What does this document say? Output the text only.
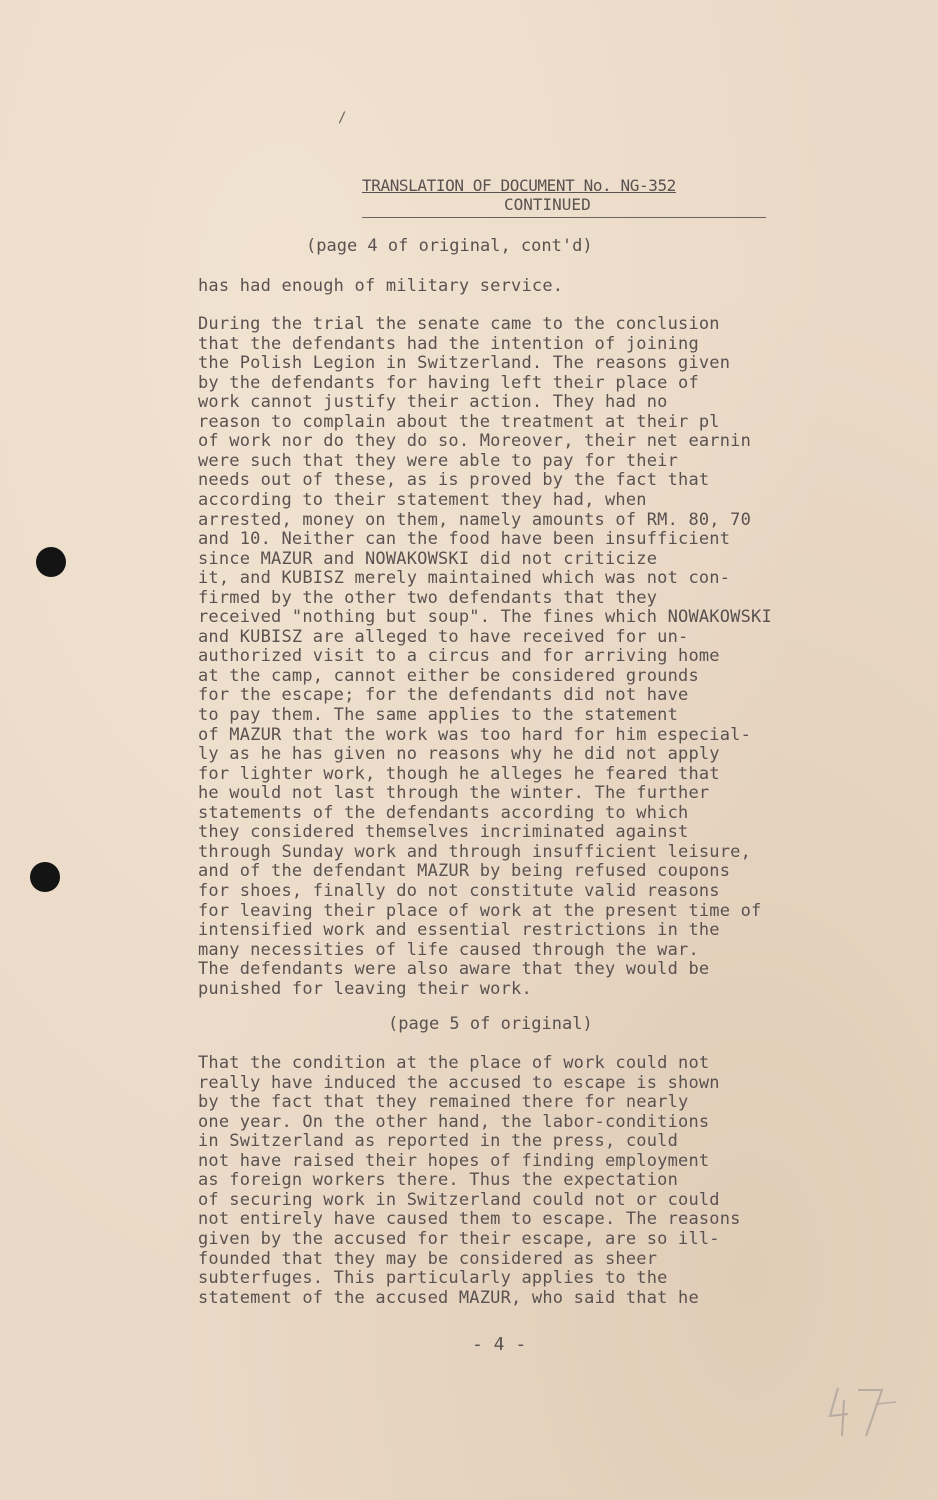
/
TRANSLATION OF DOCUMENT No. NG-352
CONTINUED
(page 4 of original, cont'd)
has had enough of military service.
During the trial the senate came to the conclusion
that the defendants had the intention of joining
the Polish Legion in Switzerland. The reasons given
by the defendants for having left their place of
work cannot justify their action. They had no
reason to complain about the treatment at their pl
of work nor do they do so. Moreover, their net earnin
were such that they were able to pay for their
needs out of these, as is proved by the fact that
according to their statement they had, when
arrested, money on them, namely amounts of RM. 80, 70
and 10. Neither can the food have been insufficient
since MAZUR and NOWAKOWSKI did not criticize
it, and KUBISZ merely maintained which was not con-
firmed by the other two defendants that they
received "nothing but soup". The fines which NOWAKOWSKI
and KUBISZ are alleged to have received for un-
authorized visit to a circus and for arriving home
at the camp, cannot either be considered grounds
for the escape; for the defendants did not have
to pay them. The same applies to the statement
of MAZUR that the work was too hard for him especial-
ly as he has given no reasons why he did not apply
for lighter work, though he alleges he feared that
he would not last through the winter. The further
statements of the defendants according to which
they considered themselves incriminated against
through Sunday work and through insufficient leisure,
and of the defendant MAZUR by being refused coupons
for shoes, finally do not constitute valid reasons
for leaving their place of work at the present time of
intensified work and essential restrictions in the
many necessities of life caused through the war.
The defendants were also aware that they would be
punished for leaving their work.
(page 5 of original)
That the condition at the place of work could not
really have induced the accused to escape is shown
by the fact that they remained there for nearly
one year. On the other hand, the labor-conditions
in Switzerland as reported in the press, could
not have raised their hopes of finding employment
as foreign workers there. Thus the expectation
of securing work in Switzerland could not or could
not entirely have caused them to escape. The reasons
given by the accused for their escape, are so ill-
founded that they may be considered as sheer
subterfuges. This particularly applies to the
statement of the accused MAZUR, who said that he
- 4 -
